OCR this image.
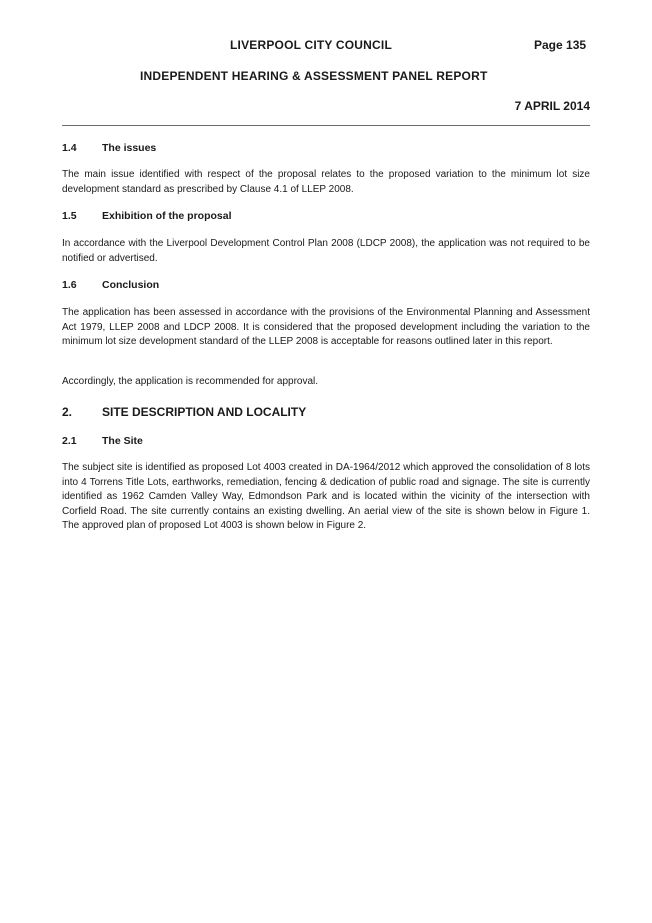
LIVERPOOL CITY COUNCIL	Page 135
INDEPENDENT HEARING & ASSESSMENT PANEL REPORT
7 APRIL 2014
1.4 The issues

The main issue identified with respect of the proposal relates to the proposed variation to the minimum lot size development standard as prescribed by Clause 4.1 of LLEP 2008.

1.5 Exhibition of the proposal

In accordance with the Liverpool Development Control Plan 2008 (LDCP 2008), the application was not required to be notified or advertised.

1.6 Conclusion

The application has been assessed in accordance with the provisions of the Environmental Planning and Assessment Act 1979, LLEP 2008 and LDCP 2008. It is considered that the proposed development including the variation to the minimum lot size development standard of the LLEP 2008 is acceptable for reasons outlined later in this report.

Accordingly, the application is recommended for approval.

2. SITE DESCRIPTION AND LOCALITY
2.1 The Site

The subject site is identified as proposed Lot 4003 created in DA-1964/2012 which approved the consolidation of 8 lots into 4 Torrens Title Lots, earthworks, remediation, fencing & dedication of public road and signage. The site is currently identified as 1962 Camden Valley Way, Edmondson Park and is located within the vicinity of the intersection with Corfield Road. The site currently contains an existing dwelling. An aerial view of the site is shown below in Figure 1. The approved plan of proposed Lot 4003 is shown below in Figure 2.
